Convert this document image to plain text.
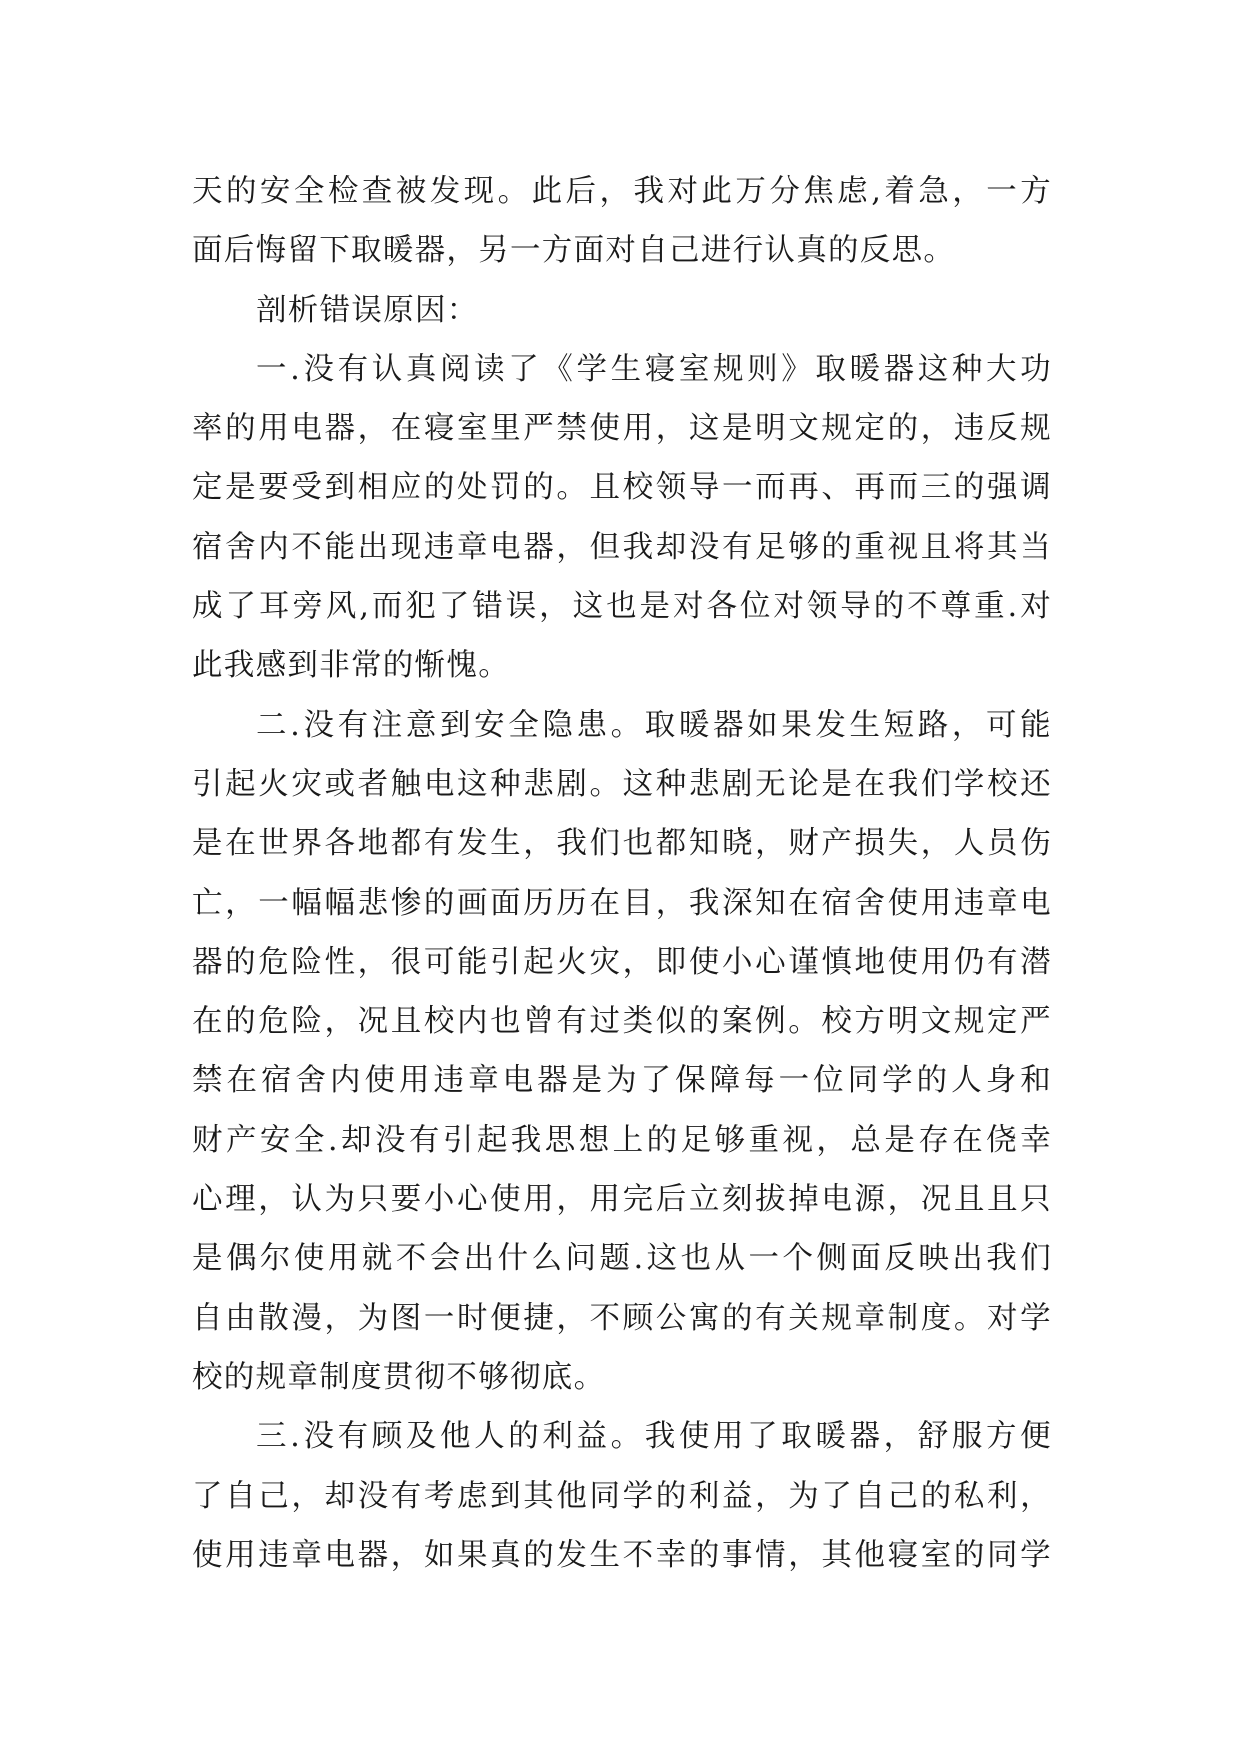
天的安全检查被发现。此后，我对此万分焦虑,着急，一方
面后悔留下取暖器，另一方面对自己进行认真的反思。
剖析错误原因：
一.没有认真阅读了《学生寝室规则》取暖器这种大功
率的用电器，在寝室里严禁使用，这是明文规定的，违反规
定是要受到相应的处罚的。且校领导一而再、再而三的强调
宿舍内不能出现违章电器，但我却没有足够的重视且将其当
成了耳旁风,而犯了错误，这也是对各位对领导的不尊重.对
此我感到非常的惭愧。
二.没有注意到安全隐患。取暖器如果发生短路，可能
引起火灾或者触电这种悲剧。这种悲剧无论是在我们学校还
是在世界各地都有发生，我们也都知晓，财产损失，人员伤
亡，一幅幅悲惨的画面历历在目，我深知在宿舍使用违章电
器的危险性，很可能引起火灾，即使小心谨慎地使用仍有潜
在的危险，况且校内也曾有过类似的案例。校方明文规定严
禁在宿舍内使用违章电器是为了保障每一位同学的人身和
财产安全.却没有引起我思想上的足够重视，总是存在侥幸
心理，认为只要小心使用，用完后立刻拔掉电源，况且且只
是偶尔使用就不会出什么问题.这也从一个侧面反映出我们
自由散漫，为图一时便捷，不顾公寓的有关规章制度。对学
校的规章制度贯彻不够彻底。
三.没有顾及他人的利益。我使用了取暖器，舒服方便
了自己，却没有考虑到其他同学的利益，为了自己的私利，
使用违章电器，如果真的发生不幸的事情，其他寝室的同学
